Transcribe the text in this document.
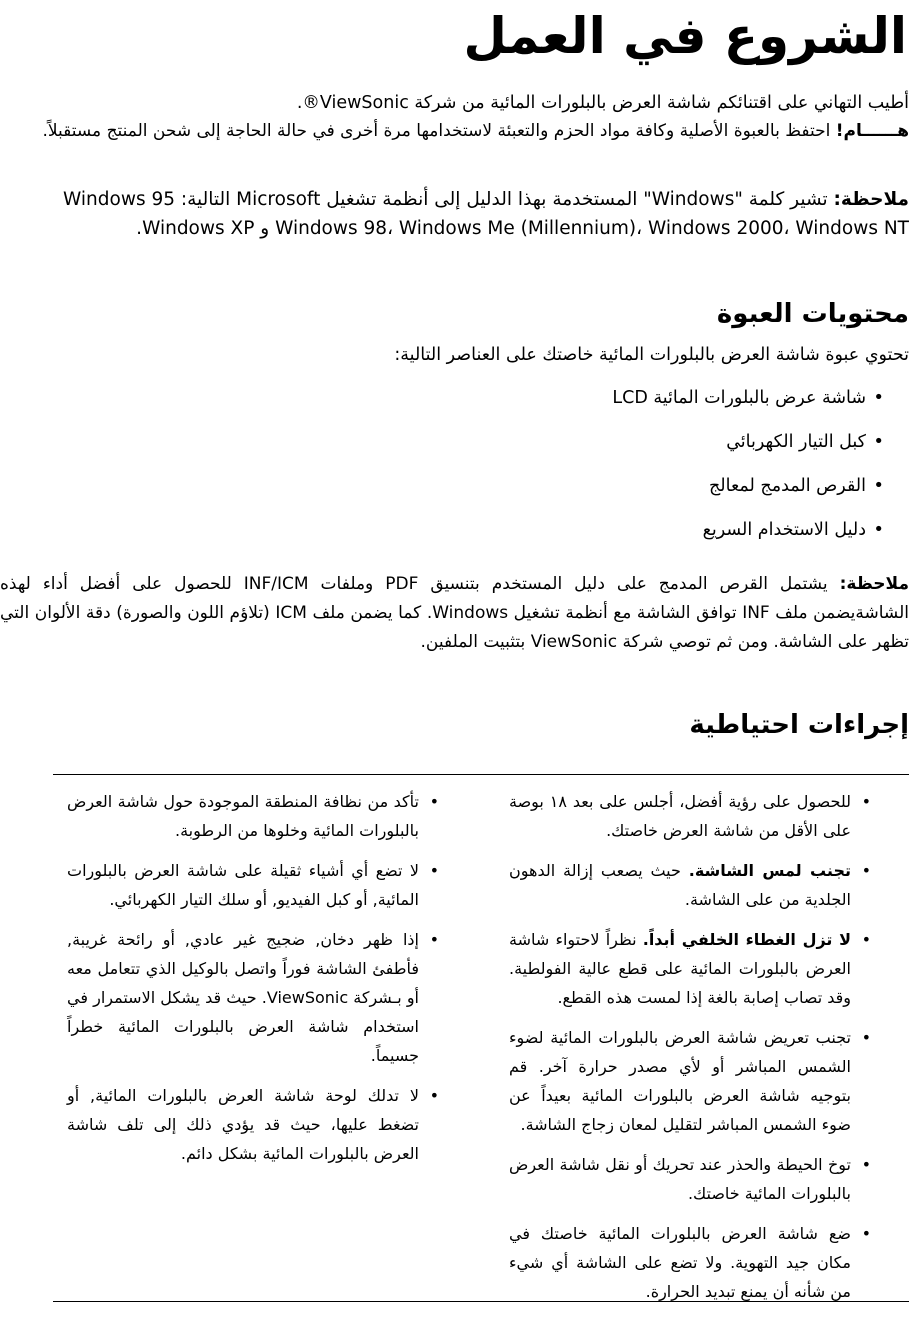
الشروع في العمل

أطيب التهاني على اقتنائكم شاشة العرض بالبلورات المائية من شركة ViewSonic®.

هــــــام! احتفظ بالعبوة الأصلية وكافة مواد الحزم والتعبئة لاستخدامها مرة أخرى في حالة الحاجة إلى شحن المنتج مستقبلاً.

ملاحظة: تشير كلمة "Windows" المستخدمة بهذا الدليل إلى أنظمة تشغيل Microsoft التالية: Windows 95

Windows 98، Windows Me (Millennium)، Windows 2000، Windows NT و Windows XP.

محتويات العبوة

تحتوي عبوة شاشة العرض بالبلورات المائية خاصتك على العناصر التالية:

• شاشة عرض بالبلورات المائية LCD
• كبل التيار الكهربائي
• القرص المدمج لمعالج
• دليل الاستخدام السريع

ملاحظة: يشتمل القرص المدمج على دليل المستخدم بتنسيق PDF وملفات INF/ICM للحصول على أفضل أداء لهذه الشاشةيضمن ملف INF توافق الشاشة مع أنظمة تشغيل Windows. كما يضمن ملف ICM (تلاؤم اللون والصورة) دقة الألوان التي تظهر على الشاشة. ومن ثم توصي شركة ViewSonic بتثبيت الملفين.

إجراءات احتياطية
• للحصول على رؤية أفضل، أجلس على بعد ١٨ بوصة على الأقل من شاشة العرض خاصتك.
• تجنب لمس الشاشة. حيث يصعب إزالة الدهون الجلدية من على الشاشة.
• لا تزل الغطاء الخلفي أبداً. نظراً لاحتواء شاشة العرض بالبلورات المائية على قطع عالية الفولطية. وقد تصاب إصابة بالغة إذا لمست هذه القطع.
• تجنب تعريض شاشة العرض بالبلورات المائية لضوء الشمس المباشر أو لأي مصدر حرارة آخر. قم بتوجيه شاشة العرض بالبلورات المائية بعيداً عن ضوء الشمس المباشر لتقليل لمعان زجاج الشاشة.
• توخ الحيطة والحذر عند تحريك أو نقل شاشة العرض بالبلورات المائية خاصتك.
• ضع شاشة العرض بالبلورات المائية خاصتك في مكان جيد التهوية. ولا تضع على الشاشة أي شيء من شأنه أن يمنع تبديد الحرارة.
• تأكد من نظافة المنطقة الموجودة حول شاشة العرض بالبلورات المائية وخلوها من الرطوبة.
• لا تضع أي أشياء ثقيلة على شاشة العرض بالبلورات المائية, أو كبل الفيديو, أو سلك التيار الكهربائي.
• إذا ظهر دخان, ضجيج غير عادي, أو رائحة غريبة, فأطفئ الشاشة فوراً واتصل بالوكيل الذي تتعامل معه أو بـشركة ViewSonic. حيث قد يشكل الاستمرار في استخدام شاشة العرض بالبلورات المائية خطراً جسيماً.
• لا تدلك لوحة شاشة العرض بالبلورات المائية, أو تضغط عليها، حيث قد يؤدي ذلك إلى تلف شاشة العرض بالبلورات المائية بشكل دائم.
